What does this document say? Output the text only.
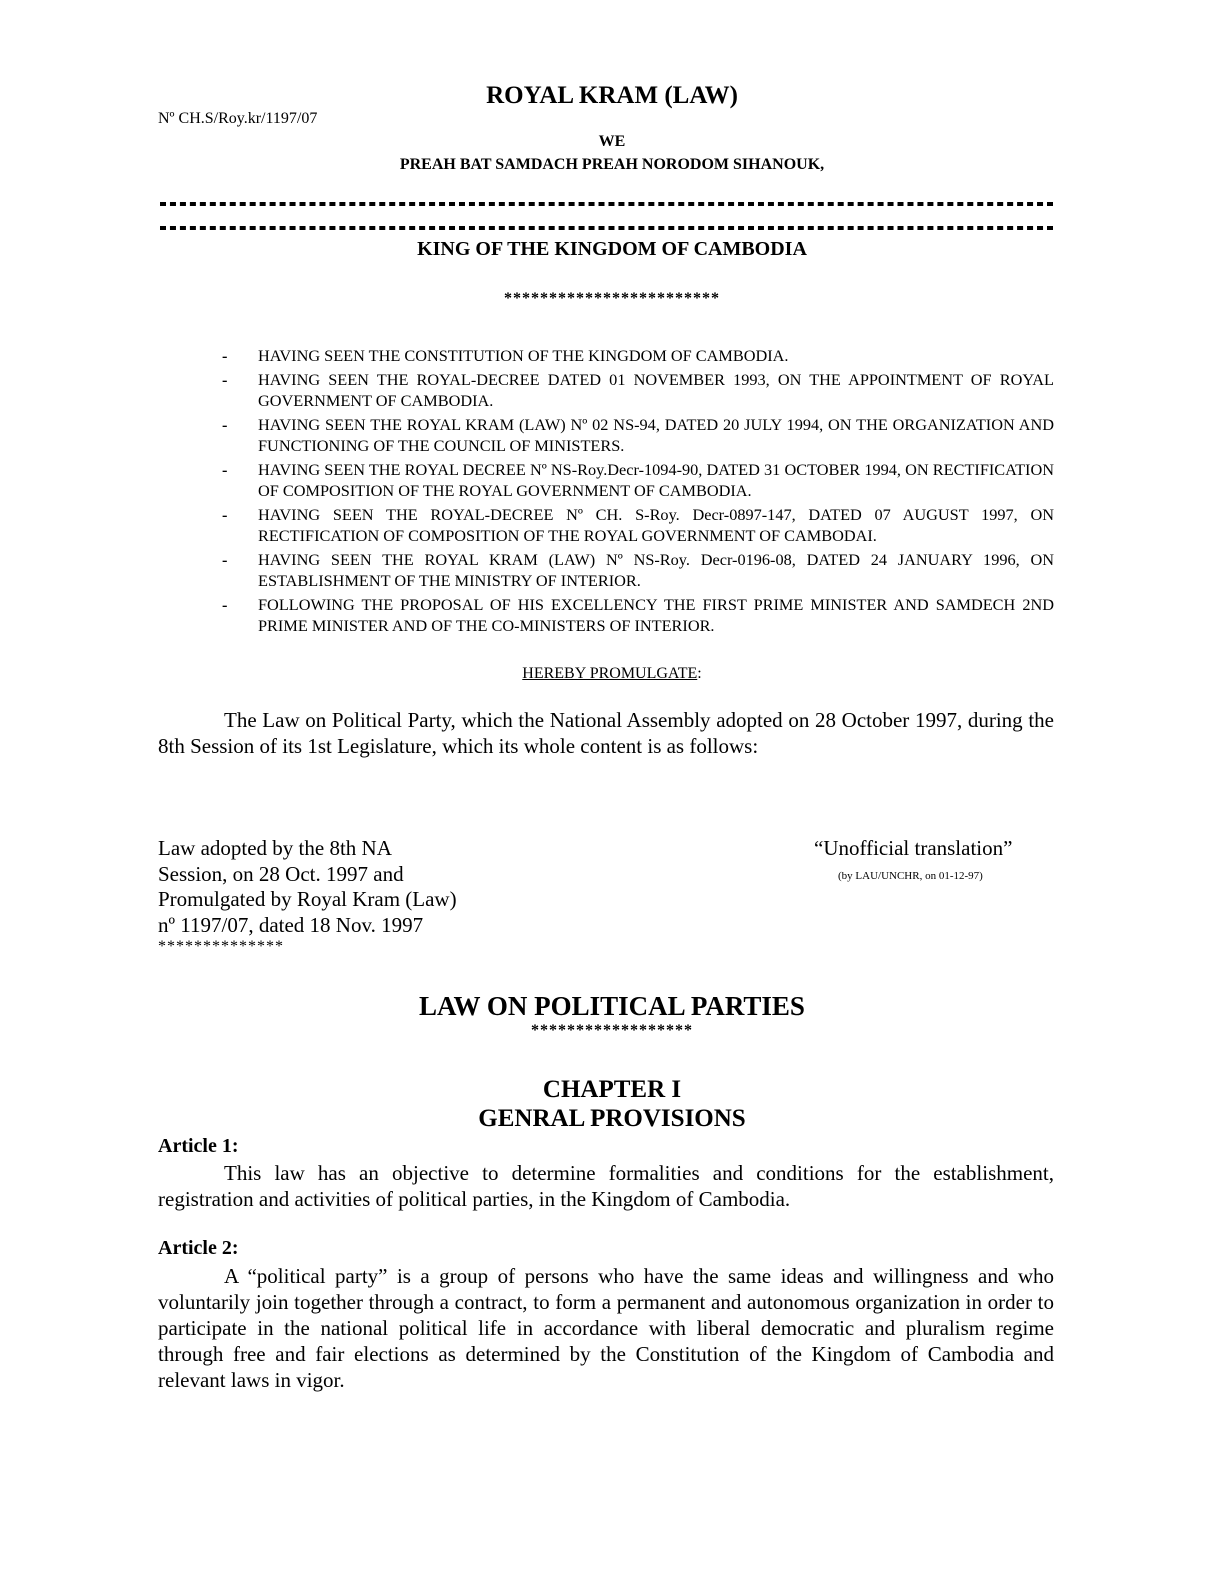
ROYAL KRAM (LAW)
Nº CH.S/Roy.kr/1197/07
WE
PREAH BAT SAMDACH PREAH NORODOM SIHANOUK,
KING OF THE KINGDOM OF CAMBODIA
************************
- HAVING SEEN THE CONSTITUTION OF THE KINGDOM OF CAMBODIA.
- HAVING SEEN THE ROYAL-DECREE DATED 01 NOVEMBER 1993, ON THE APPOINTMENT OF ROYAL GOVERNMENT OF CAMBODIA.
- HAVING SEEN THE ROYAL KRAM (LAW) Nº 02 NS-94, DATED 20 JULY 1994, ON THE ORGANIZATION AND FUNCTIONING OF THE COUNCIL OF MINISTERS.
- HAVING SEEN THE ROYAL DECREE Nº NS-Roy.Decr-1094-90, DATED 31 OCTOBER 1994, ON RECTIFICATION OF COMPOSITION OF THE ROYAL GOVERNMENT OF CAMBODIA.
- HAVING SEEN THE ROYAL-DECREE Nº CH. S-Roy. Decr-0897-147, DATED 07 AUGUST 1997, ON RECTIFICATION OF COMPOSITION OF THE ROYAL GOVERNMENT OF CAMBODAI.
- HAVING SEEN THE ROYAL KRAM (LAW) Nº NS-Roy. Decr-0196-08, DATED 24 JANUARY 1996, ON ESTABLISHMENT OF THE MINISTRY OF INTERIOR.
- FOLLOWING THE PROPOSAL OF HIS EXCELLENCY THE FIRST PRIME MINISTER AND SAMDECH 2ND PRIME MINISTER AND OF THE CO-MINISTERS OF INTERIOR.
HEREBY PROMULGATE:
The Law on Political Party, which the National Assembly adopted on 28 October 1997, during the 8th Session of its 1st Legislature, which its whole content is as follows:
Law adopted by the 8th NA
Session, on 28 Oct. 1997 and
Promulgated by Royal Kram (Law)
nº 1197/07, dated 18 Nov. 1997
**************
“Unofficial translation”
(by LAU/UNCHR, on 01-12-97)
LAW ON POLITICAL PARTIES
******************
CHAPTER I
GENRAL PROVISIONS
Article 1:
This law has an objective to determine formalities and conditions for the establishment, registration and activities of political parties, in the Kingdom of Cambodia.
Article 2:
A “political party” is a group of persons who have the same ideas and willingness and who voluntarily join together through a contract, to form a permanent and autonomous organization in order to participate in the national political life in accordance with liberal democratic and pluralism regime through free and fair elections as determined by the Constitution of the Kingdom of Cambodia and relevant laws in vigor.
